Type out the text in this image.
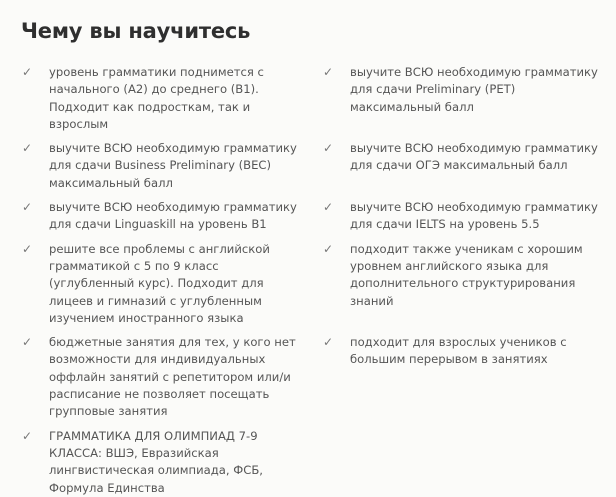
Чему вы научитесь
✓	уровень грамматики поднимется с начального (A2) до среднего (B1). Подходит как подросткам, так и взрослым
✓	выучите ВСЮ необходимую грамматику для сдачи Preliminary (PET) максимальный балл
✓	выучите ВСЮ необходимую грамматику для сдачи Business Preliminary (BEC) максимальный балл
✓	выучите ВСЮ необходимую грамматику для сдачи ОГЭ максимальный балл
✓	выучите ВСЮ необходимую грамматику для сдачи Linguaskill на уровень B1
✓	выучите ВСЮ необходимую грамматику для сдачи IELTS на уровень 5.5
✓	решите все проблемы с английской грамматикой с 5 по 9 класс (углубленный курс). Подходит для лицеев и гимназий с углубленным изучением иностранного языка
✓	подходит также ученикам с хорошим уровнем английского языка для дополнительного структурирования знаний
✓	бюджетные занятия для тех, у кого нет возможности для индивидуальных оффлайн занятий с репетитором или/и расписание не позволяет посещать групповые занятия
✓	подходит для взрослых учеников с большим перерывом в занятиях
✓	ГРАММАТИКА ДЛЯ ОЛИМПИАД 7-9 КЛАССА: ВШЭ, Евразийская лингвистическая олимпиада, ФСБ, Формула Единства
